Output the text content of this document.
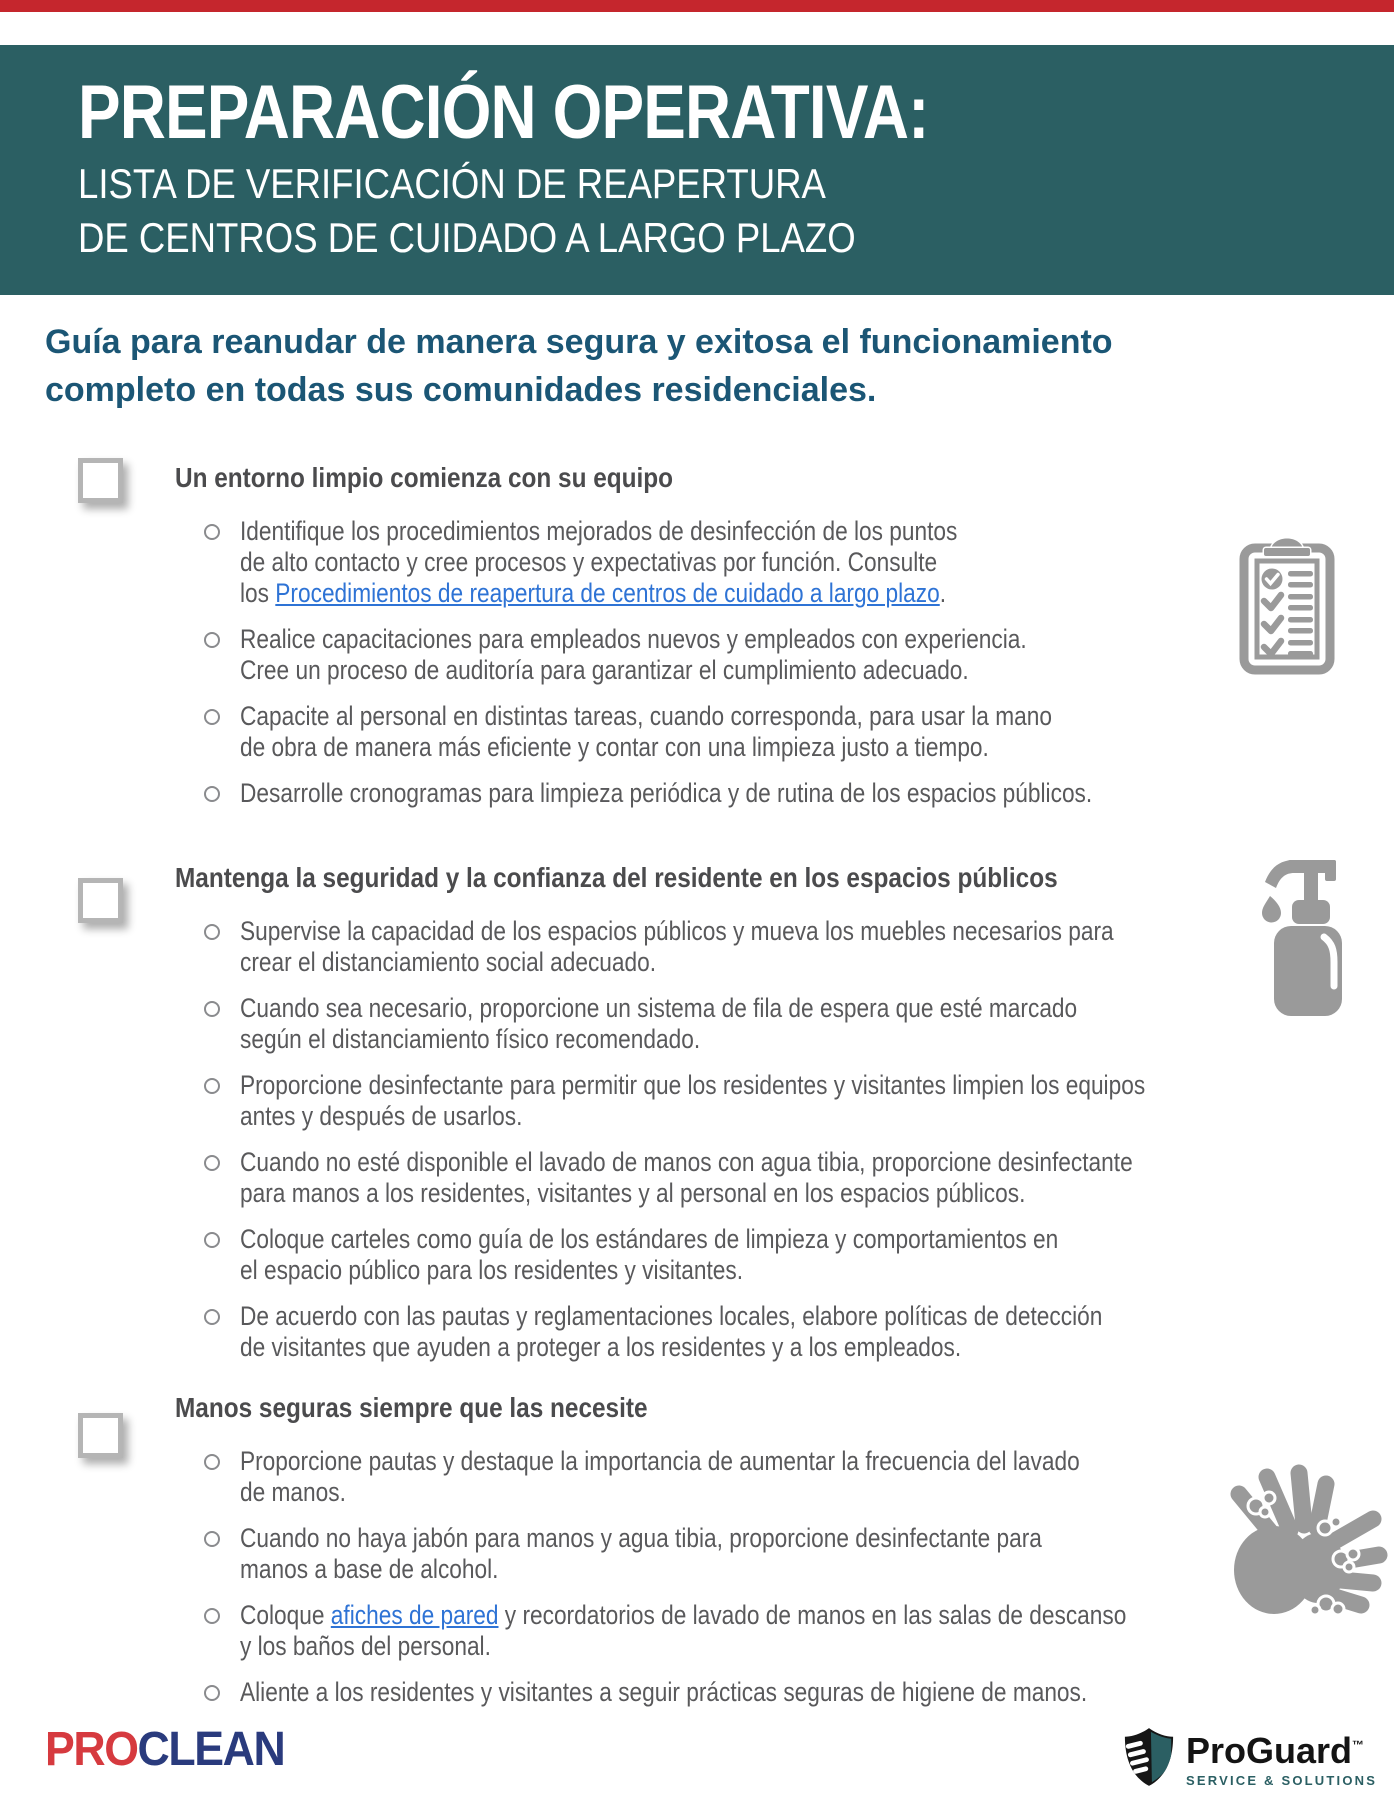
PREPARACIÓN OPERATIVA:
LISTA DE VERIFICACIÓN DE REAPERTURA
DE CENTROS DE CUIDADO A LARGO PLAZO
Guía para reanudar de manera segura y exitosa el funcionamiento
completo en todas sus comunidades residenciales.
Un entorno limpio comienza con su equipo
Identifique los procedimientos mejorados de desinfección de los puntos
de alto contacto y cree procesos y expectativas por función. Consulte
los Procedimientos de reapertura de centros de cuidado a largo plazo.
Realice capacitaciones para empleados nuevos y empleados con experiencia.
Cree un proceso de auditoría para garantizar el cumplimiento adecuado.
Capacite al personal en distintas tareas, cuando corresponda, para usar la mano
de obra de manera más eficiente y contar con una limpieza justo a tiempo.
Desarrolle cronogramas para limpieza periódica y de rutina de los espacios públicos.
Mantenga la seguridad y la confianza del residente en los espacios públicos
Supervise la capacidad de los espacios públicos y mueva los muebles necesarios para
crear el distanciamiento social adecuado.
Cuando sea necesario, proporcione un sistema de fila de espera que esté marcado
según el distanciamiento físico recomendado.
Proporcione desinfectante para permitir que los residentes y visitantes limpien los equipos
antes y después de usarlos.
Cuando no esté disponible el lavado de manos con agua tibia, proporcione desinfectante
para manos a los residentes, visitantes y al personal en los espacios públicos.
Coloque carteles como guía de los estándares de limpieza y comportamientos en
el espacio público para los residentes y visitantes.
De acuerdo con las pautas y reglamentaciones locales, elabore políticas de detección
de visitantes que ayuden a proteger a los residentes y a los empleados.
Manos seguras siempre que las necesite
Proporcione pautas y destaque la importancia de aumentar la frecuencia del lavado
de manos.
Cuando no haya jabón para manos y agua tibia, proporcione desinfectante para
manos a base de alcohol.
Coloque afiches de pared y recordatorios de lavado de manos en las salas de descanso
y los baños del personal.
Aliente a los residentes y visitantes a seguir prácticas seguras de higiene de manos.
PROCLEAN	ProGuard™
SERVICE & SOLUTIONS
